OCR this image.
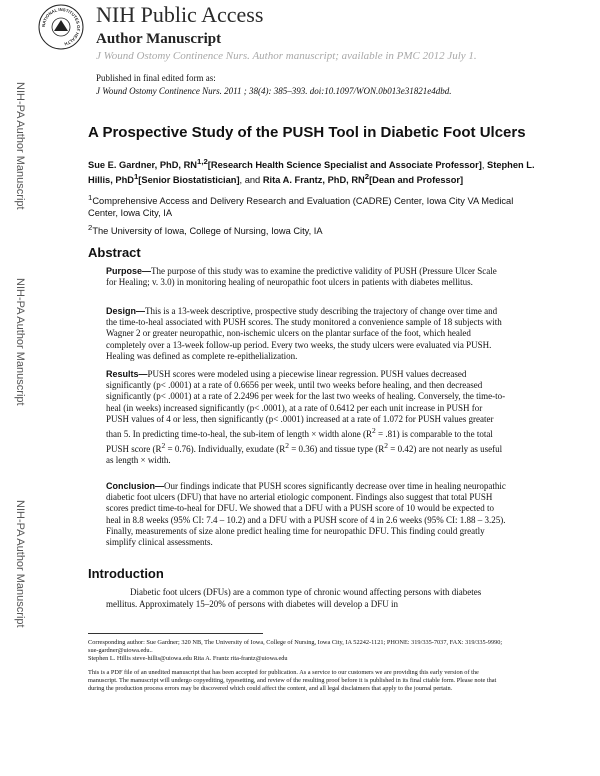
NATIONAL INSTITUTES OF HEALTH
NIH Public Access
Author Manuscript
J Wound Ostomy Continence Nurs. Author manuscript; available in PMC 2012 July 1.
Published in final edited form as:
J Wound Ostomy Continence Nurs. 2011 ; 38(4): 385–393. doi:10.1097/WON.0b013e31821e4dbd.
NIH-PA Author Manuscript
NIH-PA Author Manuscript
NIH-PA Author Manuscript
A Prospective Study of the PUSH Tool in Diabetic Foot Ulcers
Sue E. Gardner, PhD, RN$^{1,2}$[Research Health Science Specialist and Associate Professor], Stephen L. Hillis, PhD$^1$[Senior Biostatistician], and Rita A. Frantz, PhD, $RN^2[Dean$ and Professor]
$^1$Comprehensive Access and Delivery Research and Evaluation (CADRE) Center, Iowa City VA Medical Center, Iowa City, IA
$^2$The University of Iowa, College of Nursing, Iowa City, IA
Abstract
Purpose—The purpose of this study was to examine the predictive validity of PUSH (Pressure Ulcer Scale for Healing; v. 3.0) in monitoring healing of neuropathic foot ulcers in patients with diabetes mellitus.
Design—This is a 13-week descriptive, prospective study describing the trajectory of change over time and the time-to-heal associated with PUSH scores. The study monitored a convenience sample of 18 subjects with Wagner 2 or greater neuropathic, non-ischemic ulcers on the plantar surface of the foot, which healed completely over a 13-week follow-up period. Every two weeks, the study ulcers were evaluated via PUSH. Healing was defined as complete re-epithelialization.
Results—PUSH scores were modeled using a piecewise linear regression. PUSH values decreased significantly (p< .0001) at a rate of 0.6656 per week, until two weeks before healing, and then decreased significantly (p< .0001) at a rate of 2.2496 per week for the last two weeks of healing. Conversely, the time-to-heal (in weeks) increased significantly (p< .0001), at a rate of 0.6412 per each unit increase in PUSH for PUSH values of 4 or less, then significantly (p< .0001) increased at a rate of 1.072 for PUSH values greater than 5. In predicting time-to-heal, the sub-item of length × width alone $(R^2 = .81)$ is comparable to the total PUSH score $(R^2 = 0.76)$. Individually, exudate $(R^2 = 0.36)$ and tissue type $(R^2 = 0.42)$ are not nearly as useful as length × width.
Conclusion—Our findings indicate that PUSH scores significantly decrease over time in healing neuropathic diabetic foot ulcers (DFU) that have no arterial etiologic component. Findings also suggest that total PUSH scores predict time-to-heal for DFU. We showed that a DFU with a PUSH score of 10 would be expected to heal in 8.8 weeks (95% CI: 7.4 – 10.2) and a DFU with a PUSH score of 4 in 2.6 weeks (95% CI: 1.88 – 3.25). Finally, measurements of size alone predict healing time for neuropathic DFU. This finding could greatly simplify clinical assessments.
Introduction
Diabetic foot ulcers (DFUs) are a common type of chronic wound affecting persons with diabetes mellitus. Approximately 15–20% of persons with diabetes will develop a DFU in
Corresponding author: Sue Gardner; 320 NB, The University of Iowa, College of Nursing, Iowa City, IA 52242-1121; PHONE: 319/335-7037, FAX: 319/335-9990; sue-gardner@uiowa.edu..
Stephen L. Hillis steve-hillis@uiowa.edu Rita A. Frantz rita-frantz@uiowa.edu
This is a PDF file of an unedited manuscript that has been accepted for publication. As a service to our customers we are providing this early version of the manuscript. The manuscript will undergo copyediting, typesetting, and review of the resulting proof before it is published in its final citable form. Please note that during the production process errors may be discovered which could affect the content, and all legal disclaimers that apply to the journal pertain.
